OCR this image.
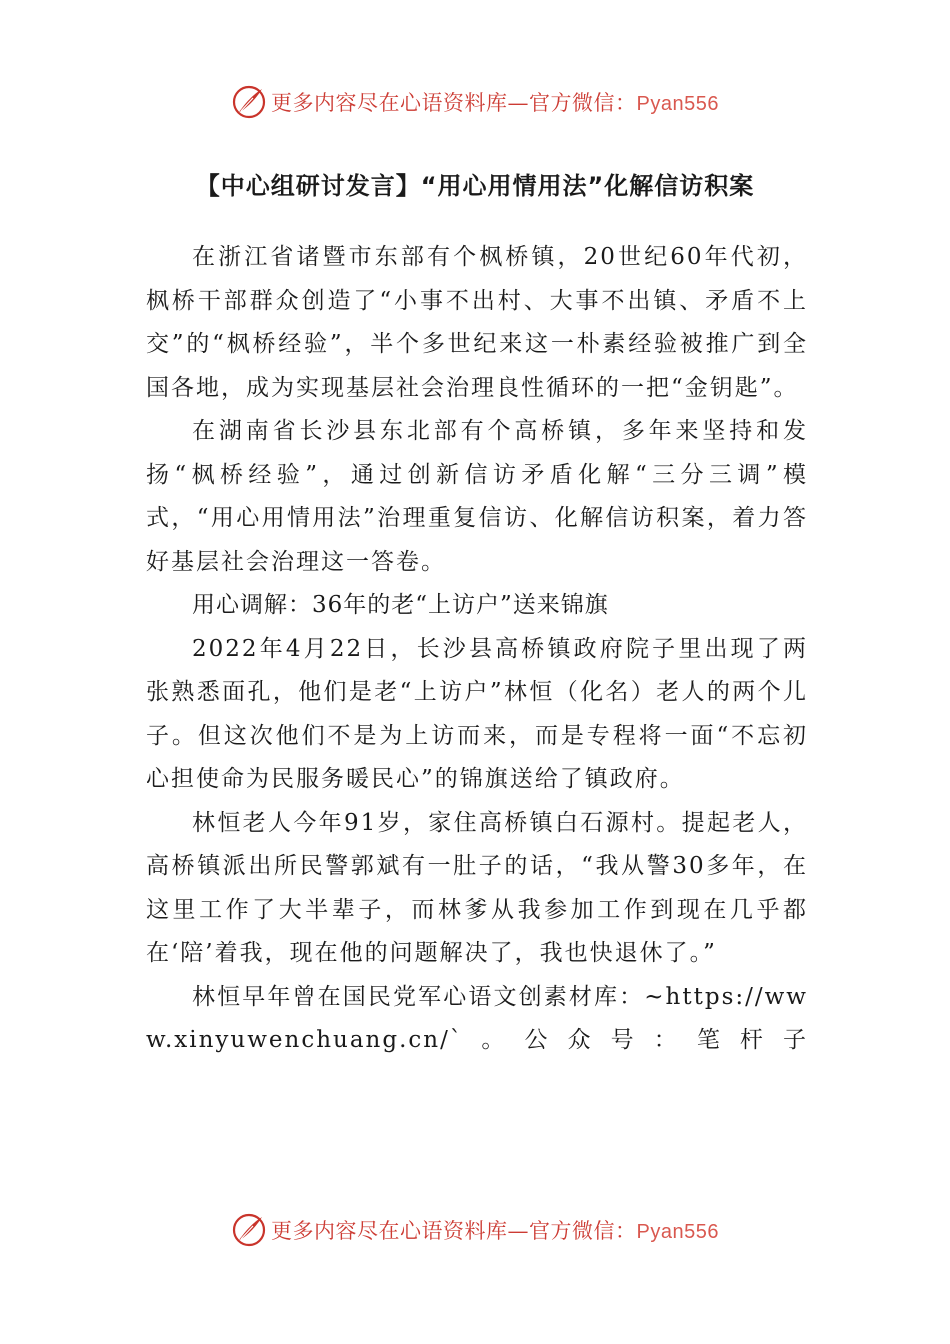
更多内容尽在心语资料库—官方微信：Pyan556
【中心组研讨发言】“用心用情用法”化解信访积案

在浙江省诸暨市东部有个枫桥镇，20世纪60年代初，枫桥干部群众创造了“小事不出村、大事不出镇、矛盾不上交”的“枫桥经验”，半个多世纪来这一朴素经验被推广到全国各地，成为实现基层社会治理良性循环的一把“金钥匙”。

在湖南省长沙县东北部有个高桥镇，多年来坚持和发扬“枫桥经验”，通过创新信访矛盾化解“三分三调”模式，“用心用情用法”治理重复信访、化解信访积案，着力答好基层社会治理这一答卷。

用心调解：36年的老“上访户”送来锦旗

2022年4月22日，长沙县高桥镇政府院子里出现了两张熟悉面孔，他们是老“上访户”林恒（化名）老人的两个儿子。但这次他们不是为上访而来，而是专程将一面“不忘初心担使命为民服务暖民心”的锦旗送给了镇政府。

林恒老人今年91岁，家住高桥镇白石源村。提起老人，高桥镇派出所民警郭斌有一肚子的话，“我从警30多年，在这里工作了大半辈子，而林爹从我参加工作到现在几乎都在‘陪’着我，现在他的问题解决了，我也快退休了。”

林恒早年曾在国民党军心语文创素材库：~https://www.xinyuwenchuang.cn/`。公众号：笔杆子

更多内容尽在心语资料库—官方微信：Pyan556
